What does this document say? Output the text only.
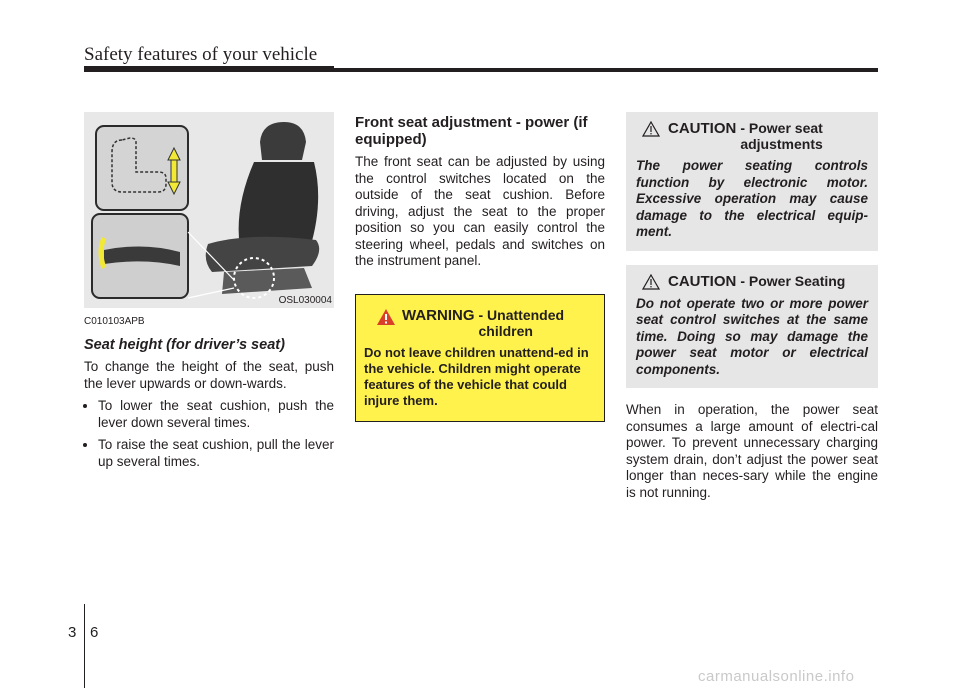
Safety features of your vehicle
OSL030004
C010103APB
Seat height (for driver’s seat)

To change the height of the seat, push the lever upwards or down-wards.

• To lower the seat cushion, push the lever down several times.
• To raise the seat cushion, pull the lever up several times.
Front seat adjustment - power (if equipped)

The front seat can be adjusted by using the control switches located on the outside of the seat cushion. Before driving, adjust the seat to the proper position so you can easily control the steering wheel, pedals and switches on the instrument panel.

WARNING - Unattended children
Do not leave children unattend-ed in the vehicle. Children might operate features of the vehicle that could injure them.
CAUTION - Power seat adjustments
The power seating controls function by electronic motor. Excessive operation may cause damage to the electrical equip-ment.
CAUTION - Power Seating
Do not operate two or more power seat control switches at the same time. Doing so may damage the power seat motor or electrical components.

When in operation, the power seat consumes a large amount of electri-cal power. To prevent unnecessary charging system drain, don’t adjust the power seat longer than neces-sary while the engine is not running.

3 6
carmanualsonline.info
